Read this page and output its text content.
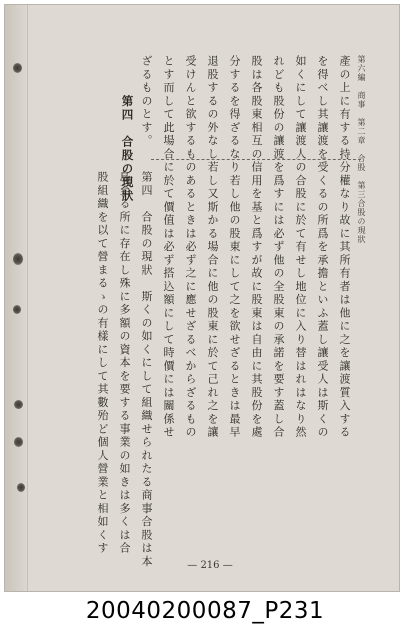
第六編　商事　第二章　合股　第三合股の現狀
產の上に有する持分權なり故に其所有者は他に之を讓渡質入する
を得べし其讓渡を受くるの所爲を承擔といふ蓋し讓受人は斯くの
如くにして讓渡人の合股に於て有せし地位に入り替はれはなり然
れども股份の讓渡を爲すには必ず他の全股東の承諾を要す蓋し合
股は各股東相互の信用を基と爲すが故に股東は自由に其股份を處
分するを得ざるなり若し他の股東にして之を欲せざるときは最早
退股するの外なし若し又斯かる場合に他の股東に於て己れ之を讓
受けんと欲するものあるときは必ず之に應せざるべからざるもの
とす而して此場合に於て價值は必ず搭込額にして時價には關係せ
ざるものとす。
第四　合股の現狀
第四　合股の現狀　斯くの如くにして組織せられたる商事合股は本
島至る所に存在し殊に多額の資本を要する事業の如きは多くは合
股組織を以て營まるゝの有樣にして其數殆ど個人營業と相如くす
— 216 —
20040200087_P231
